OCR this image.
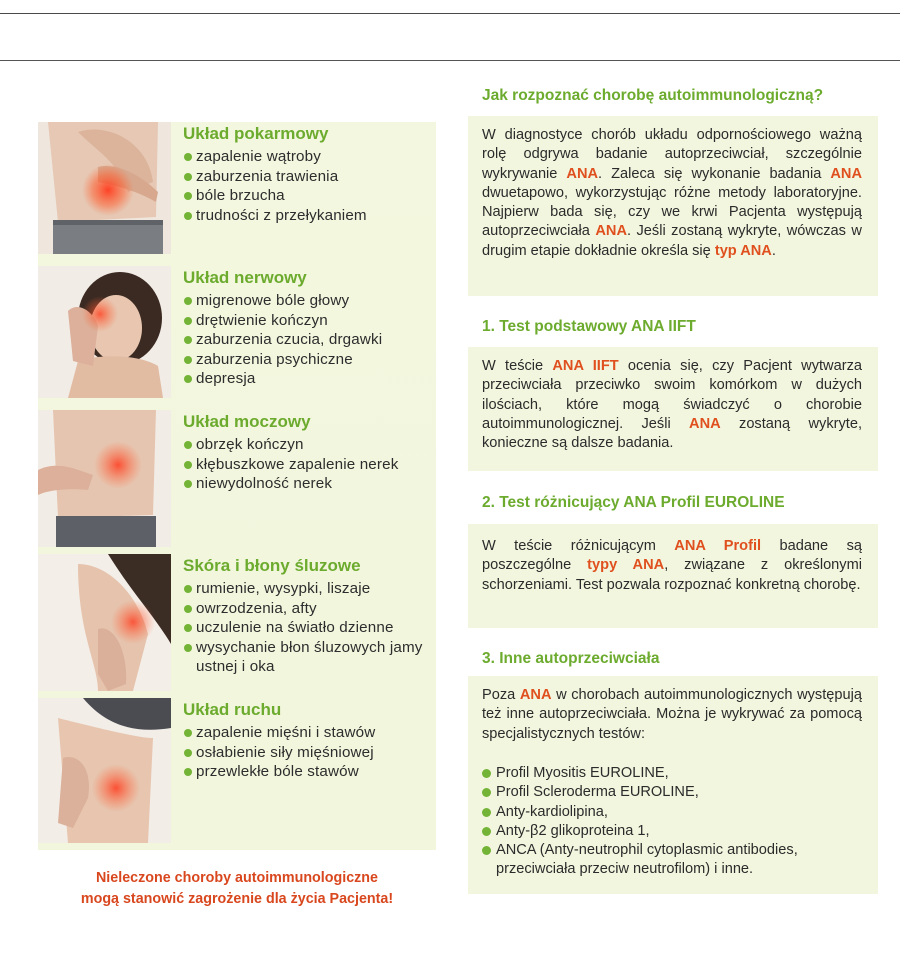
Układ pokarmowy
zapalenie wątroby
zaburzenia trawienia
bóle brzucha
trudności z przełykaniem
Układ nerwowy
migrenowe bóle głowy
drętwienie kończyn
zaburzenia czucia, drgawki
zaburzenia psychiczne
depresja
Układ moczowy
obrzęk kończyn
kłębuszkowe zapalenie nerek
niewydolność nerek
Skóra i błony śluzowe
rumienie, wysypki, liszaje
owrzodzenia, afty
uczulenie na światło dzienne
wysychanie błon śluzowych jamy ustnej i oka
Układ ruchu
zapalenie mięśni i stawów
osłabienie siły mięśniowej
przewlekłe bóle stawów
Nieleczone choroby autoimmunologiczne
mogą stanowić zagrożenie dla życia Pacjenta!
Jak rozpoznać chorobę autoimmunologiczną?

W diagnostyce chorób układu odpornościowego ważną rolę odgrywa badanie autoprzeciwciał, szczególnie wykrywanie ANA. Zaleca się wykonanie badania ANA dwuetapowo, wykorzystując różne metody laboratoryjne. Najpierw bada się, czy we krwi Pacjenta występują autoprzeciwciała ANA. Jeśli zostaną wykryte, wówczas w drugim etapie dokładnie określa się typ ANA.

1. Test podstawowy ANA IIFT

W teście ANA IIFT ocenia się, czy Pacjent wytwarza przeciwciała przeciwko swoim komórkom w dużych ilościach, które mogą świadczyć o chorobie autoimmunologicznej. Jeśli ANA zostaną wykryte, konieczne są dalsze badania.

2. Test różnicujący ANA Profil EUROLINE

W teście różnicującym ANA Profil badane są poszczególne typy ANA, związane z określonymi schorzeniami. Test pozwala rozpoznać konkretną chorobę.

3. Inne autoprzeciwciała

Poza ANA w chorobach autoimmunologicznych występują też inne autoprzeciwciała. Można je wykrywać za pomocą specjalistycznych testów:

Profil Myositis EUROLINE,
Profil Scleroderma EUROLINE,
Anty-kardiolipina,
Anty-β2 glikoproteina 1,
ANCA (Anty-neutrophil cytoplasmic antibodies, przeciwciała przeciw neutrofilom) i inne.
